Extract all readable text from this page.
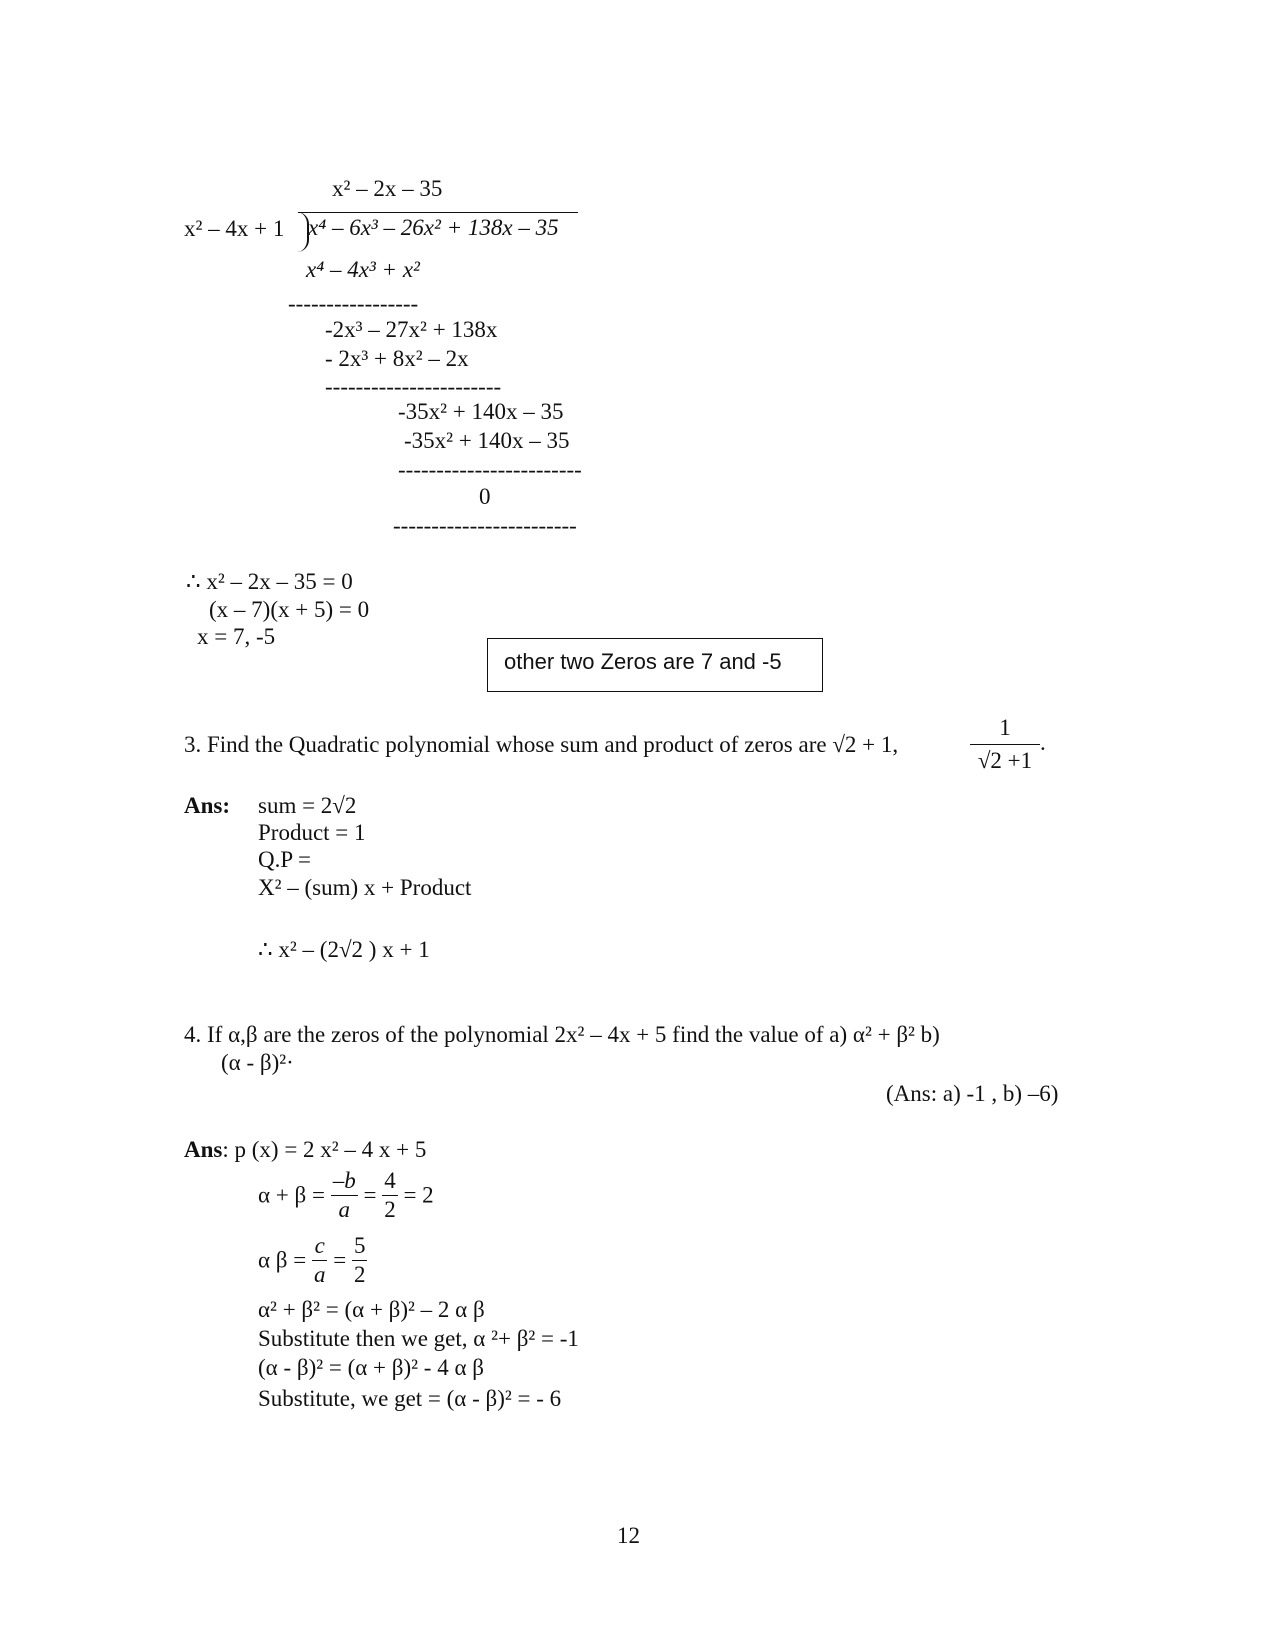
x² – 2x – 35
x² – 4x + 1 x⁴ – 6x³ – 26x² + 138x – 35
x⁴ – 4x³ + x²
-----------------
-2x³ – 27x² + 138x
- 2x³ + 8x² – 2x
-----------------------
-35x² + 140x – 35
-35x² + 140x – 35
------------------------
0
------------------------
∴ x² – 2x – 35 = 0
(x – 7)(x + 5) = 0
x = 7, -5
other two Zeros are 7 and -5
3. Find the Quadratic polynomial whose sum and product of zeros are √2 + 1,	$\frac{1}{√2 +1}$ .
Ans: sum = 2√2
Product = 1
Q.P =
X² – (sum) x + Product
∴ x² – (2√2 ) x + 1
4. If α,β are the zeros of the polynomial 2x² – 4x + 5 find the value of a) α² + β² b)
(α - β)²·
(Ans: a) -1 , b) –6)
Ans: p (x) = 2 x² – 4 x + 5
$\alpha + \beta = \frac{-b}{a} = \frac{4}{2} = 2$
α $\beta = \frac{c}{a} = \frac{5}{2}$
α² + β² = (α + β)² – 2 α β
Substitute then we get, α ²+ β² = -1
(α - β)² = (α + β)² - 4 α β
Substitute, we get = (α - β)² = - 6
12
